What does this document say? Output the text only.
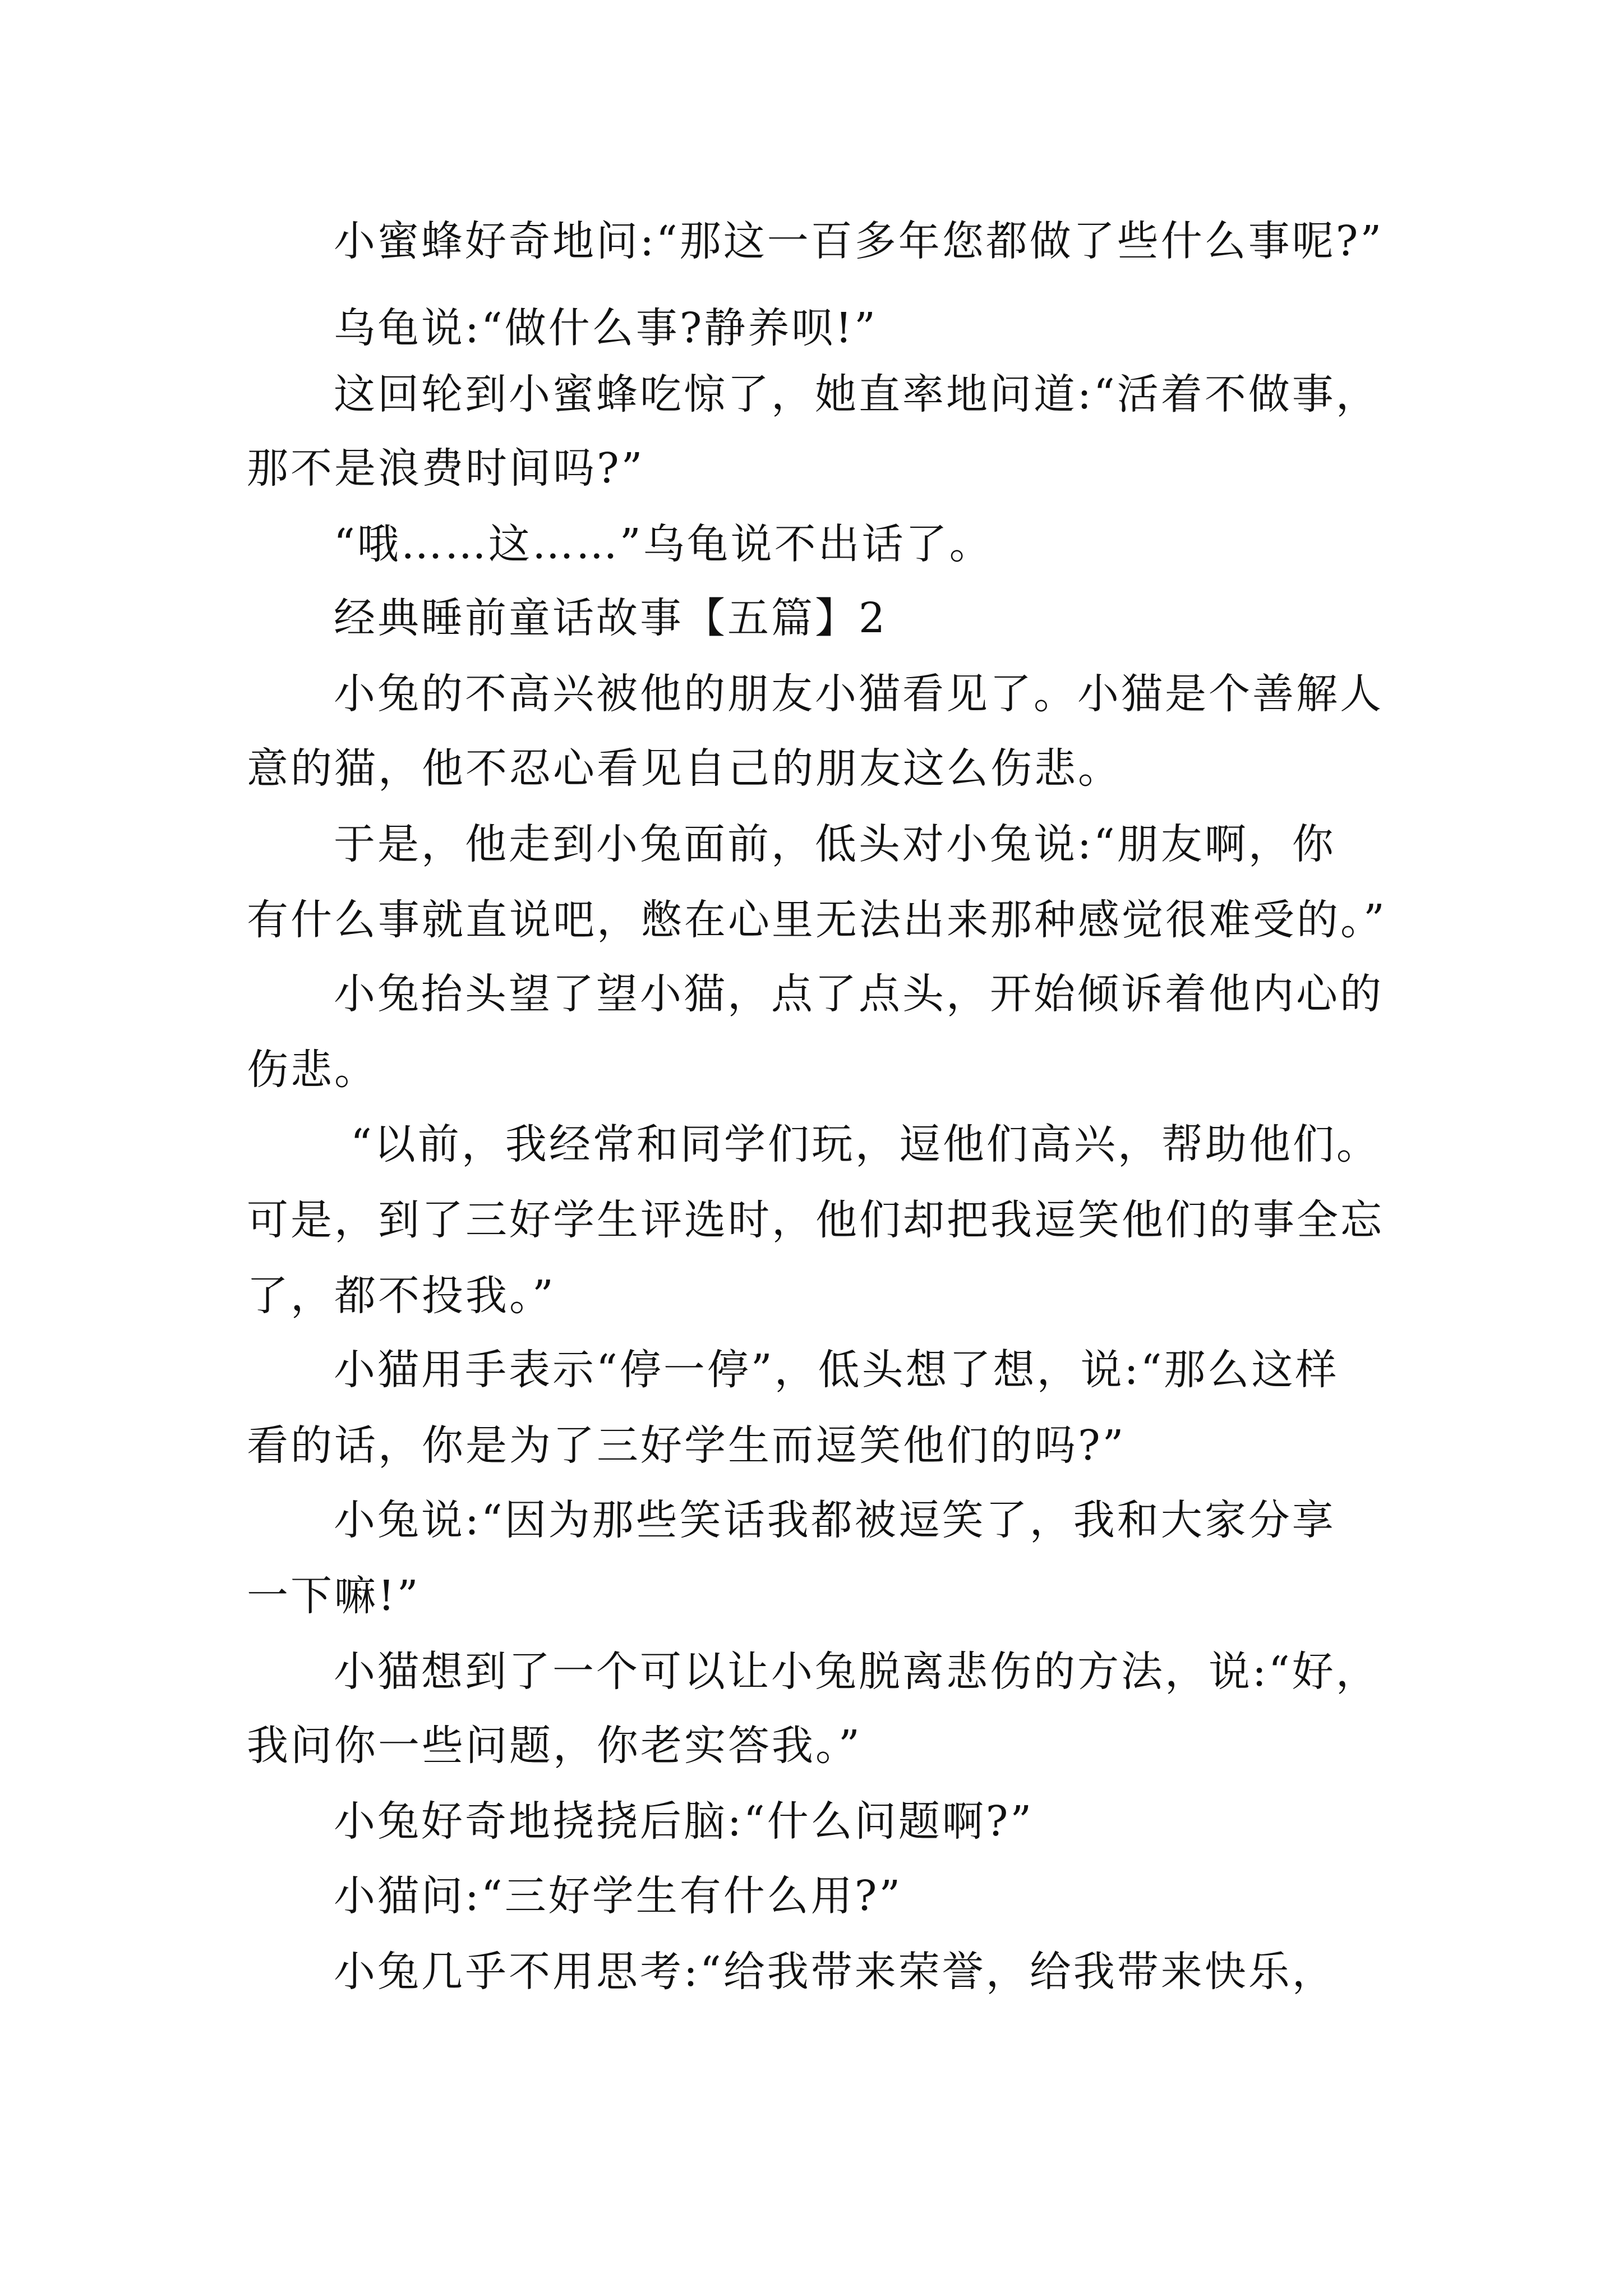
小蜜蜂好奇地问:“那这一百多年您都做了些什么事呢?”
乌龟说:“做什么事?静养呗!”
这回轮到小蜜蜂吃惊了，她直率地问道:“活着不做事，
那不是浪费时间吗?”
“哦……这……”乌龟说不出话了。
经典睡前童话故事【五篇】2
小兔的不高兴被他的朋友小猫看见了。小猫是个善解人
意的猫，他不忍心看见自己的朋友这么伤悲。
于是，他走到小兔面前，低头对小兔说:“朋友啊，你
有什么事就直说吧，憋在心里无法出来那种感觉很难受的。”
小兔抬头望了望小猫，点了点头，开始倾诉着他内心的
伤悲。
“以前，我经常和同学们玩，逗他们高兴，帮助他们。
可是，到了三好学生评选时，他们却把我逗笑他们的事全忘
了，都不投我。”
小猫用手表示“停一停”，低头想了想，说:“那么这样
看的话，你是为了三好学生而逗笑他们的吗?”
小兔说:“因为那些笑话我都被逗笑了，我和大家分享
一下嘛!”
小猫想到了一个可以让小兔脱离悲伤的方法，说:“好，
我问你一些问题，你老实答我。”
小兔好奇地挠挠后脑:“什么问题啊?”
小猫问:“三好学生有什么用?”
小兔几乎不用思考:“给我带来荣誉，给我带来快乐，
